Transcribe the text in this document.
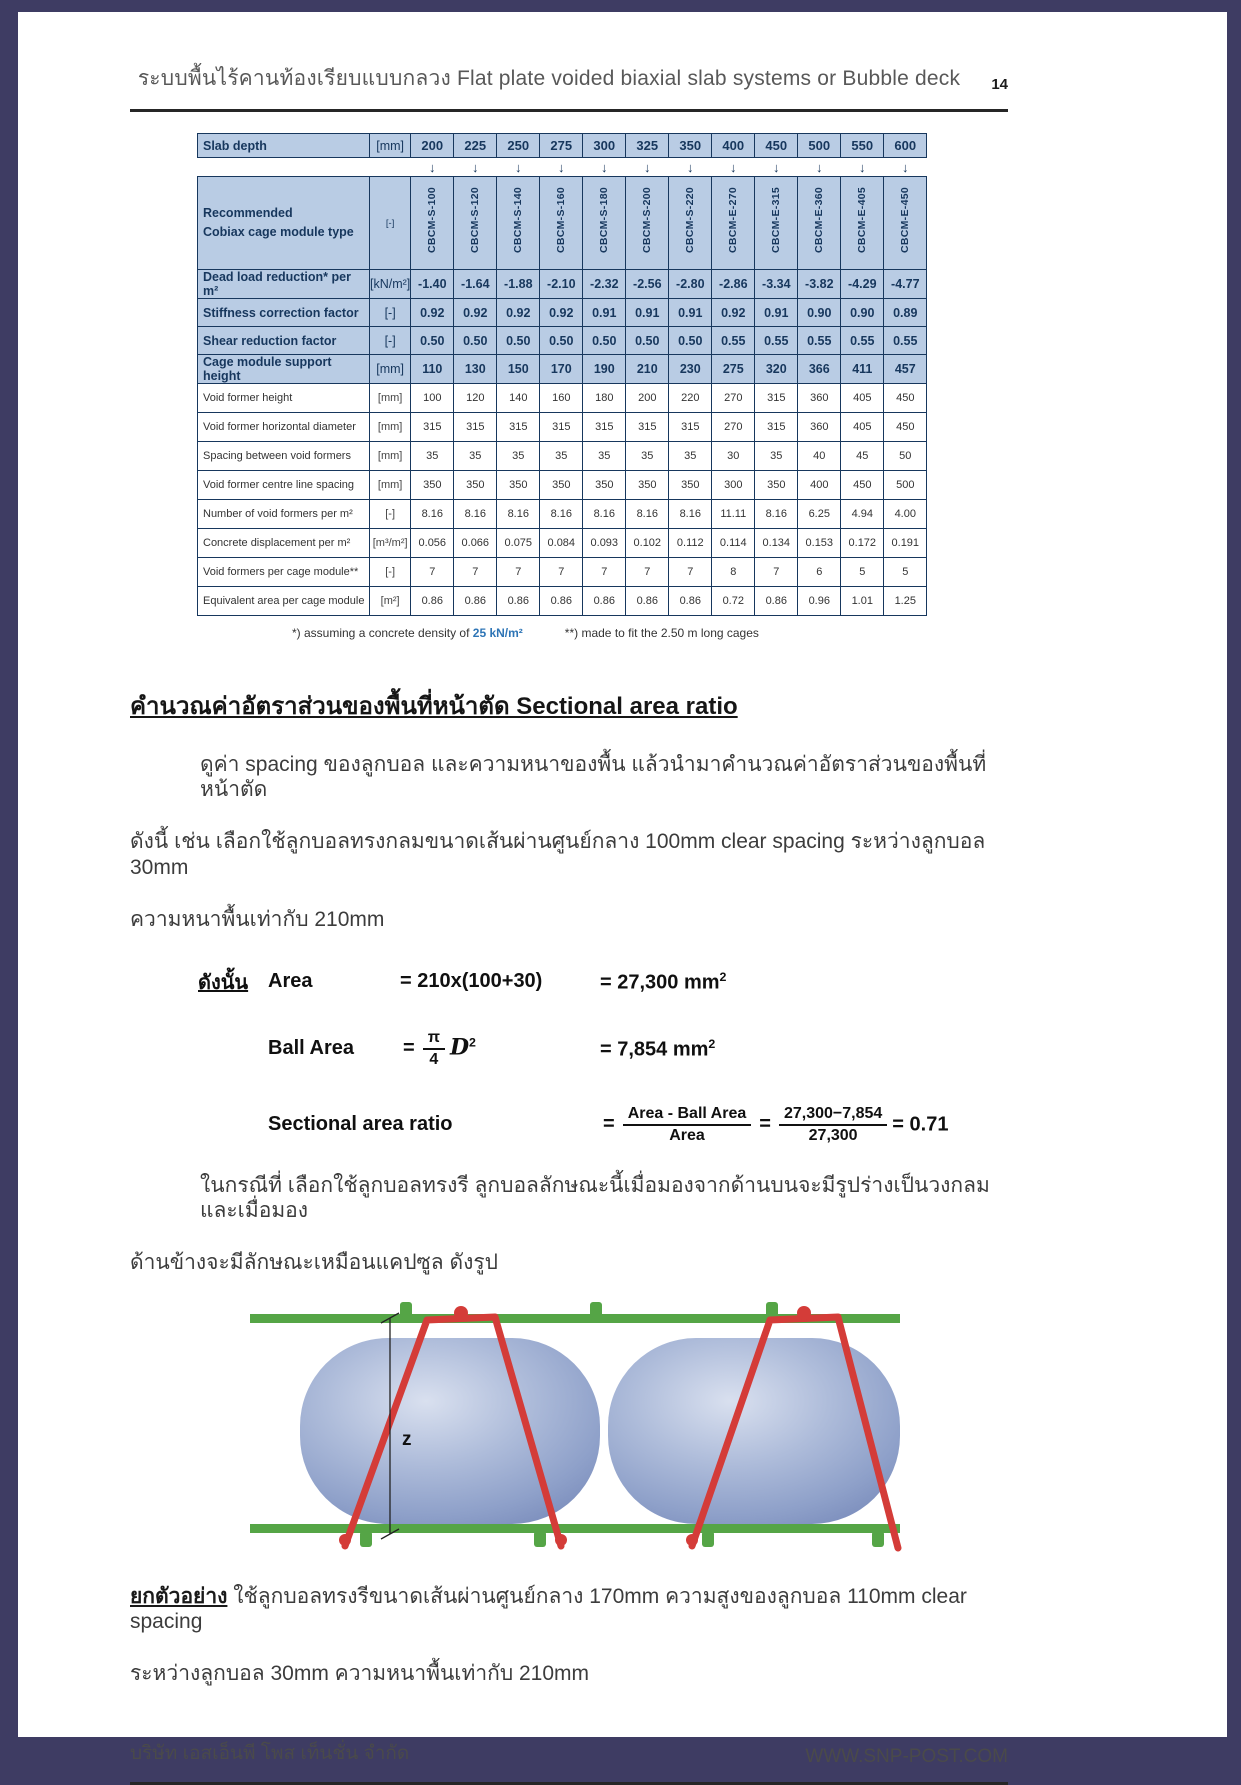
ระบบพื้นไร้คานท้องเรียบแบบกลวง Flat plate voided biaxial slab systems or Bubble deck	14
Slab depth	[mm]	200	225	250	275	300	325	350	400	450	500	550	600
		↓	↓	↓	↓	↓	↓	↓	↓	↓	↓	↓	↓

Recommended
Cobiax cage module type	[-]	CBCM-S-100	CBCM-S-120	CBCM-S-140	CBCM-S-160	CBCM-S-180	CBCM-S-200	CBCM-S-220	CBCM-E-270	CBCM-E-315	CBCM-E-360	CBCM-E-405	CBCM-E-450
Dead load reduction* per m²	[kN/m²]	-1.40	-1.64	-1.88	-2.10	-2.32	-2.56	-2.80	-2.86	-3.34	-3.82	-4.29	-4.77
Stiffness correction factor	[-]	0.92	0.92	0.92	0.92	0.91	0.91	0.91	0.92	0.91	0.90	0.90	0.89
Shear reduction factor	[-]	0.50	0.50	0.50	0.50	0.50	0.50	0.50	0.55	0.55	0.55	0.55	0.55
Cage module support height	[mm]	110	130	150	170	190	210	230	275	320	366	411	457
Void former height	[mm]	100	120	140	160	180	200	220	270	315	360	405	450
Void former horizontal diameter	[mm]	315	315	315	315	315	315	315	270	315	360	405	450
Spacing between void formers	[mm]	35	35	35	35	35	35	35	30	35	40	45	50
Void former centre line spacing	[mm]	350	350	350	350	350	350	350	300	350	400	450	500
Number of void formers per m²	[-]	8.16	8.16	8.16	8.16	8.16	8.16	8.16	11.11	8.16	6.25	4.94	4.00
Concrete displacement per m²	[m³/m²]	0.056	0.066	0.075	0.084	0.093	0.102	0.112	0.114	0.134	0.153	0.172	0.191
Void formers per cage module**	[-]	7	7	7	7	7	7	7	8	7	6	5	5
Equivalent area per cage module	[m²]	0.86	0.86	0.86	0.86	0.86	0.86	0.86	0.72	0.86	0.96	1.01	1.25
*) assuming a concrete density of 25 kN/m²	**) made to fit the 2.50 m long cages
คำนวณค่าอัตราส่วนของพื้นที่หน้าตัด Sectional area ratio
ดูค่า spacing ของลูกบอล และความหนาของพื้น แล้วนำมาคำนวณค่าอัตราส่วนของพื้นที่หน้าตัด
ดังนี้ เช่น เลือกใช้ลูกบอลทรงกลมขนาดเส้นผ่านศูนย์กลาง 100mm clear spacing ระหว่างลูกบอล 30mm
ความหนาพื้นเท่ากับ 210mm
ดังนั้น Area	= 210x(100+30)	= 27,300 $mm^2$
Ball Area	= $\frac{\pi}{4} D^2$	= 7,854 $mm^2$
Sectional area ratio	= $\frac{\text{Area - Ball Area}}{\text{Area}} = \frac{27,300-7,854}{27,300} = 0.71$
ในกรณีที่ เลือกใช้ลูกบอลทรงรี ลูกบอลลักษณะนี้เมื่อมองจากด้านบนจะมีรูปร่างเป็นวงกลม และเมื่อมอง
ด้านข้างจะมีลักษณะเหมือนแคปซูล ดังรูป
z
ยกตัวอย่าง ใช้ลูกบอลทรงรีขนาดเส้นผ่านศูนย์กลาง 170mm ความสูงของลูกบอล 110mm clear spacing
ระหว่างลูกบอล 30mm ความหนาพื้นเท่ากับ 210mm
บริษัท เอสเอ็นพี โพส เท็นชั่น จำกัด	WWW.SNP-POST.COM
